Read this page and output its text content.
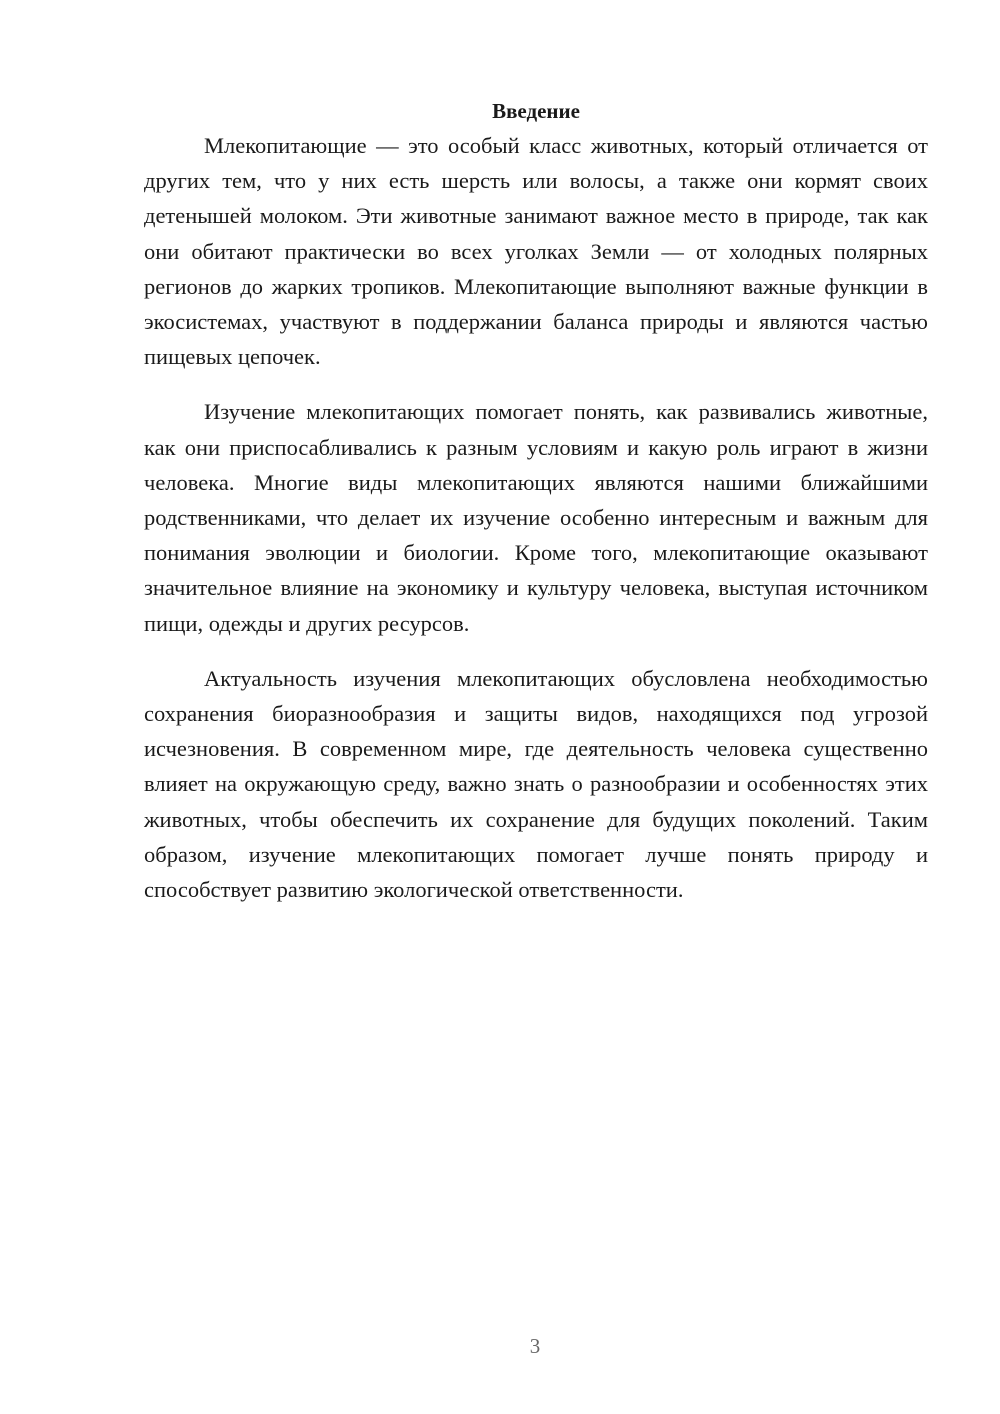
Введение

Млекопитающие — это особый класс животных, который отличается от других тем, что у них есть шерсть или волосы, а также они кормят своих детенышей молоком. Эти животные занимают важное место в природе, так как они обитают практически во всех уголках Земли — от холодных полярных регионов до жарких тропиков. Млекопитающие выполняют важные функции в экосистемах, участвуют в поддержании баланса природы и являются частью пищевых цепочек.

Изучение млекопитающих помогает понять, как развивались животные, как они приспосабливались к разным условиям и какую роль играют в жизни человека. Многие виды млекопитающих являются нашими ближайшими родственниками, что делает их изучение особенно интересным и важным для понимания эволюции и биологии. Кроме того, млекопитающие оказывают значительное влияние на экономику и культуру человека, выступая источником пищи, одежды и других ресурсов.

Актуальность изучения млекопитающих обусловлена необходимостью сохранения биоразнообразия и защиты видов, находящихся под угрозой исчезновения. В современном мире, где деятельность человека существенно влияет на окружающую среду, важно знать о разнообразии и особенностях этих животных, чтобы обеспечить их сохранение для будущих поколений. Таким образом, изучение млекопитающих помогает лучше понять природу и способствует развитию экологической ответственности.

3
